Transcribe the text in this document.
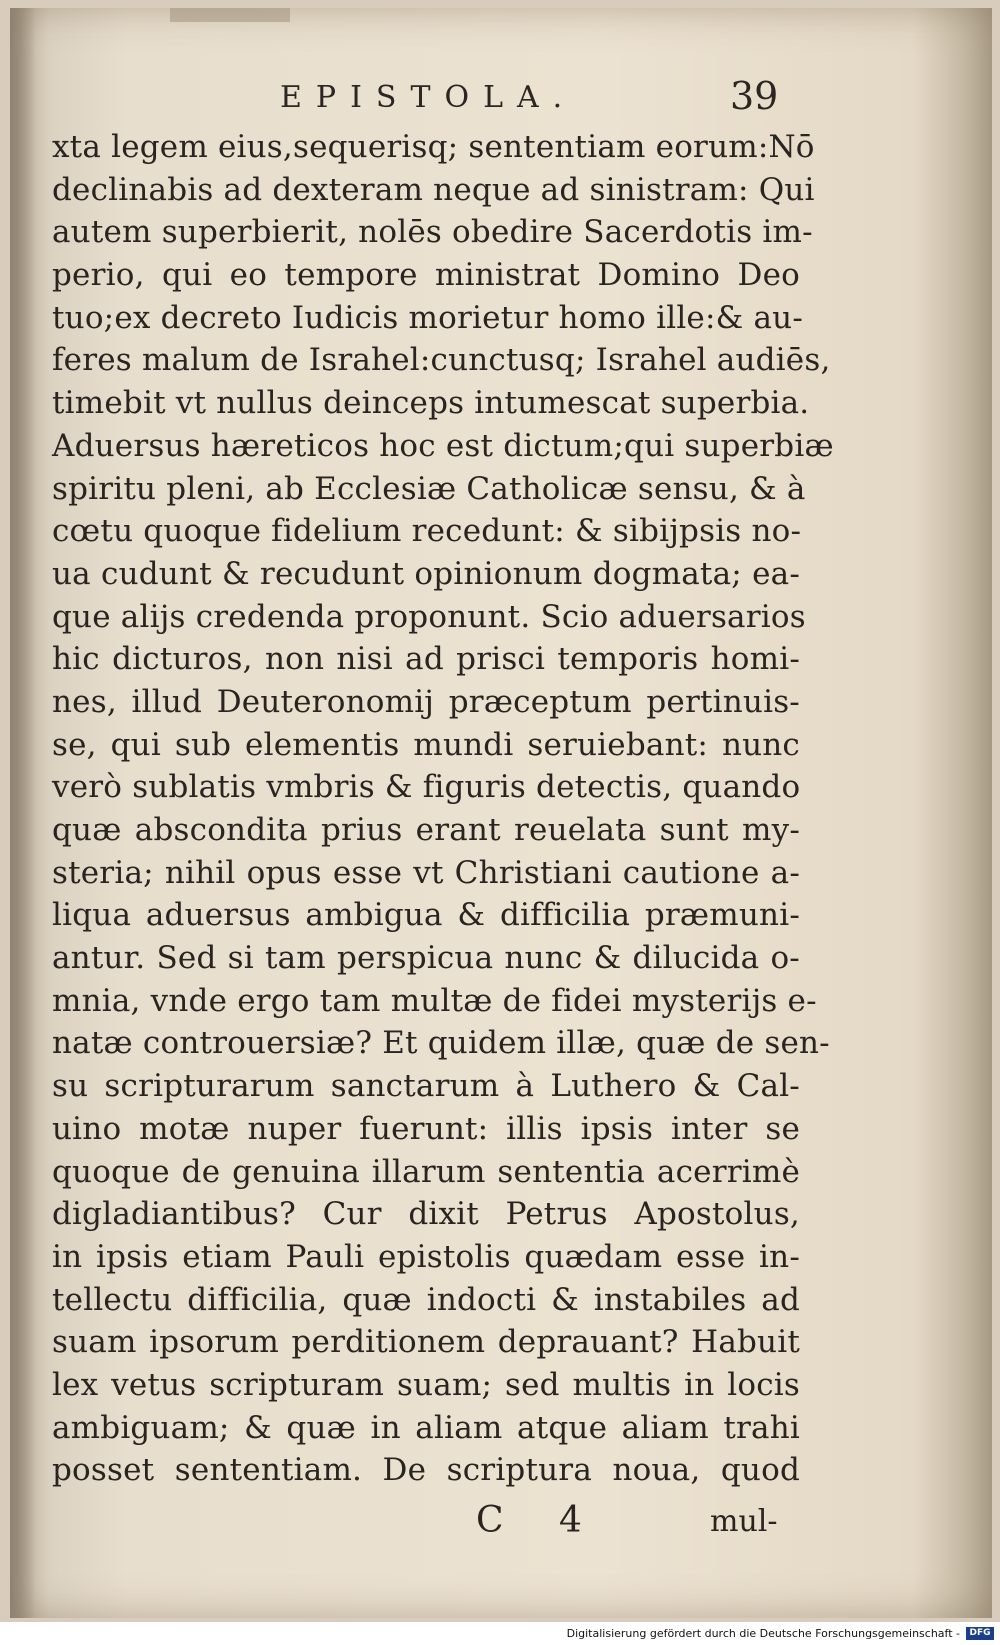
EPISTOLA.	39
xta legem eius,sequerisq; sententiam eorum:Nō
declinabis ad dexteram neque ad sinistram: Qui
autem superbierit, nolēs obedire Sacerdotis im-
perio, qui eo tempore ministrat Domino Deo
tuo;ex decreto Iudicis morietur homo ille:& au-
feres malum de Israhel:cunctusq; Israhel audiēs,
timebit vt nullus deinceps intumescat superbia.
Aduersus hæreticos hoc est dictum;qui superbiæ
spiritu pleni, ab Ecclesiæ Catholicæ sensu, & à
cœtu quoque fidelium recedunt: & sibijpsis no-
ua cudunt & recudunt opinionum dogmata; ea-
que alijs credenda proponunt. Scio aduersarios
hic dicturos, non nisi ad prisci temporis homi-
nes, illud Deuteronomij præceptum pertinuis-
se, qui sub elementis mundi seruiebant: nunc
verò sublatis vmbris & figuris detectis, quando
quæ abscondita prius erant reuelata sunt my-
steria; nihil opus esse vt Christiani cautione a-
liqua aduersus ambigua & difficilia præmuni-
antur. Sed si tam perspicua nunc & dilucida o-
mnia, vnde ergo tam multæ de fidei mysterijs e-
natæ controuersiæ? Et quidem illæ, quæ de sen-
su scripturarum sanctarum à Luthero & Cal-
uino motæ nuper fuerunt: illis ipsis inter se
quoque de genuina illarum sententia acerrimè
digladiantibus? Cur dixit Petrus Apostolus,
in ipsis etiam Pauli epistolis quædam esse in-
tellectu difficilia, quæ indocti & instabiles ad
suam ipsorum perditionem deprauant? Habuit
lex vetus scripturam suam; sed multis in locis
ambiguam; & quæ in aliam atque aliam trahi
posset sententiam. De scriptura noua, quod
C 4	mul-
Digitalisierung gefördert durch die Deutsche Forschungsgemeinschaft -	DFG
